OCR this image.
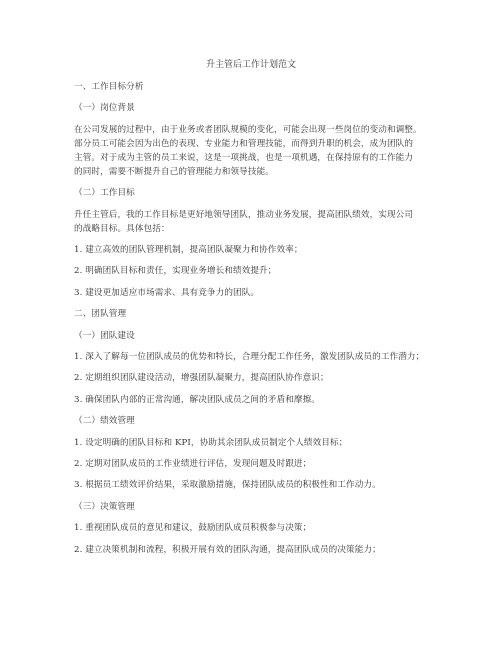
升主管后工作计划范文
一、工作目标分析
（一）岗位背景
在公司发展的过程中，由于业务或者团队规模的变化，可能会出现一些岗位的变动和调整。
部分员工可能会因为出色的表现、专业能力和管理技能，而得到升职的机会，成为团队的
主管。对于成为主管的员工来说，这是一项挑战，也是一项机遇，在保持原有的工作能力
的同时，需要不断提升自己的管理能力和领导技能。
（二）工作目标
升任主管后，我的工作目标是更好地领导团队，推动业务发展，提高团队绩效，实现公司
的战略目标。具体包括：
1. 建立高效的团队管理机制，提高团队凝聚力和协作效率；
2. 明确团队目标和责任，实现业务增长和绩效提升；
3. 建设更加适应市场需求、具有竞争力的团队。
二、团队管理
（一）团队建设
1. 深入了解每一位团队成员的优势和特长，合理分配工作任务，激发团队成员的工作潜力；
2. 定期组织团队建设活动，增强团队凝聚力，提高团队协作意识；
3. 确保团队内部的正常沟通，解决团队成员之间的矛盾和摩擦。
（二）绩效管理
1. 设定明确的团队目标和 KPI，协助其余团队成员制定个人绩效目标；
2. 定期对团队成员的工作业绩进行评估，发现问题及时跟进；
3. 根据员工绩效评价结果，采取激励措施，保持团队成员的积极性和工作动力。
（三）决策管理
1. 重视团队成员的意见和建议，鼓励团队成员积极参与决策；
2. 建立决策机制和流程，积极开展有效的团队沟通，提高团队成员的决策能力；
